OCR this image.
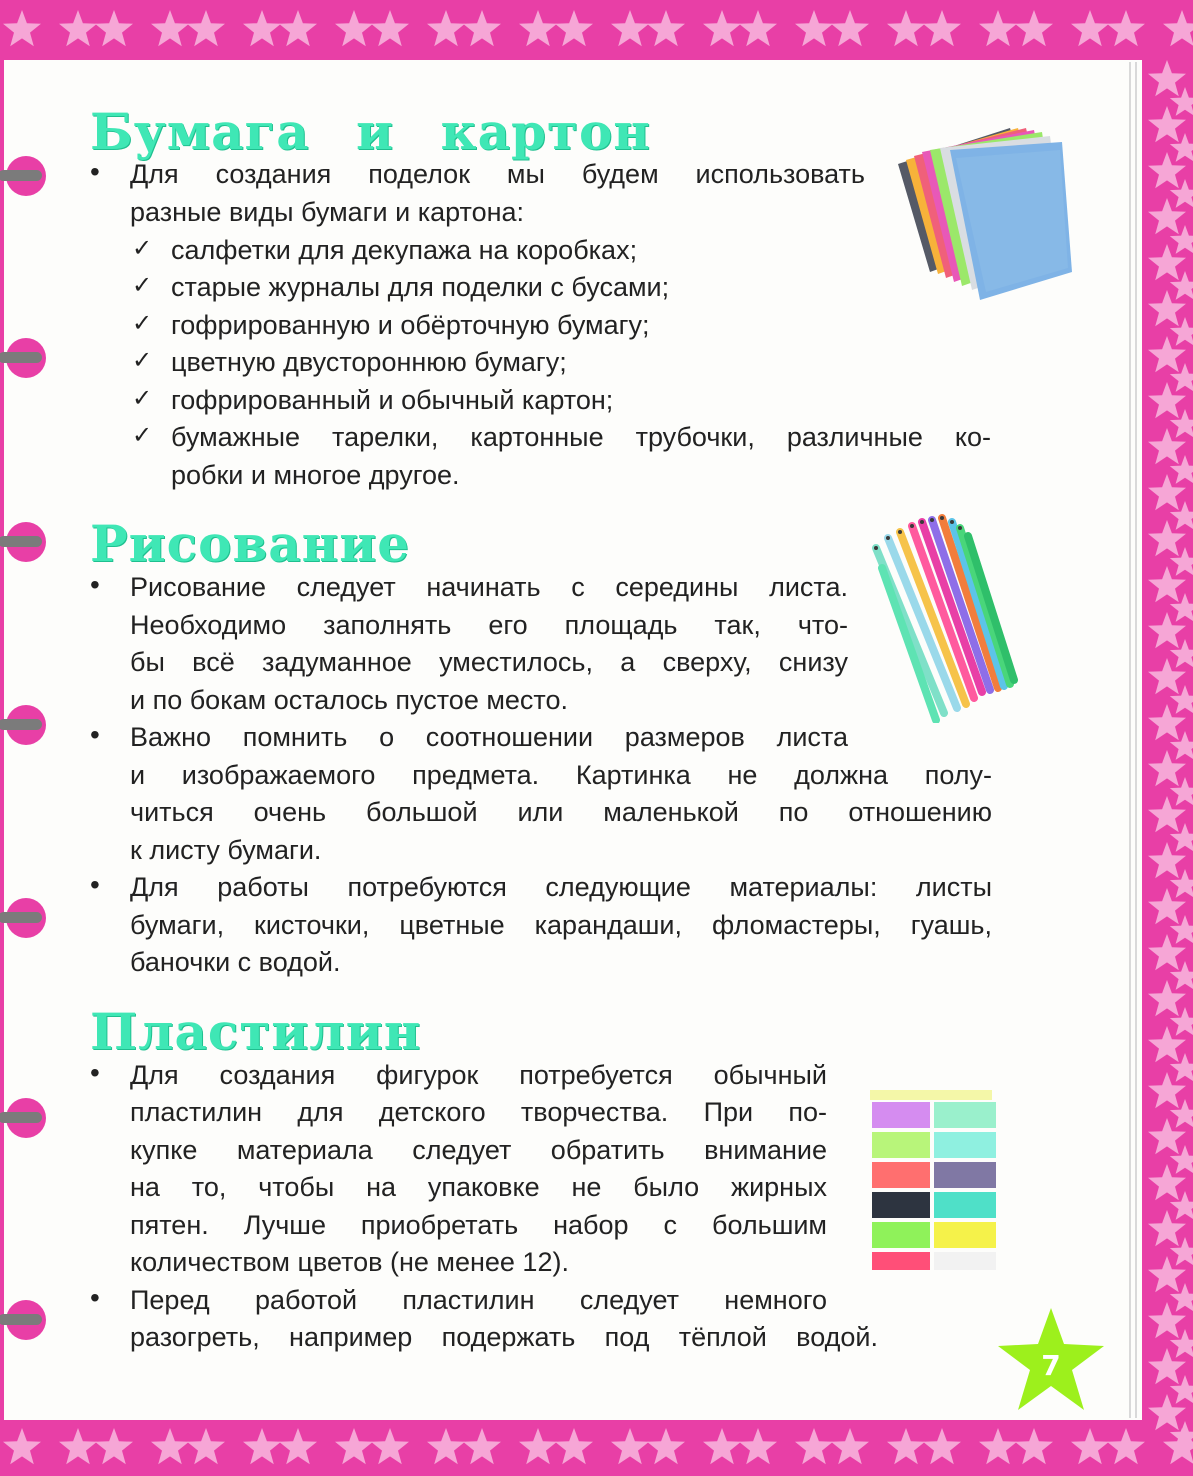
Бумага и картон
• Для создания поделок мы будем использовать
разные виды бумаги и картона:
✓ салфетки для декупажа на коробках;
✓ старые журналы для поделки с бусами;
✓ гофрированную и обёрточную бумагу;
✓ цветную двустороннюю бумагу;
✓ гофрированный и обычный картон;
✓ бумажные тарелки, картонные трубочки, различные ко-
робки и многое другое.
Рисование
• Рисование следует начинать с середины листа.
Необходимо заполнять его площадь так, что-
бы всё задуманное уместилось, а сверху, снизу
и по бокам осталось пустое место.
• Важно помнить о соотношении размеров листа
и изображаемого предмета. Картинка не должна полу-
читься очень большой или маленькой по отношению
к листу бумаги.
• Для работы потребуются следующие материалы: листы
бумаги, кисточки, цветные карандаши, фломастеры, гуашь,
баночки с водой.
Пластилин
• Для создания фигурок потребуется обычный
пластилин для детского творчества. При по-
купке материала следует обратить внимание
на то, чтобы на упаковке не было жирных
пятен. Лучше приобретать набор с большим
количеством цветов (не менее 12).
• Перед работой пластилин следует немного
разогреть, например подержать под тёплой водой.
7
